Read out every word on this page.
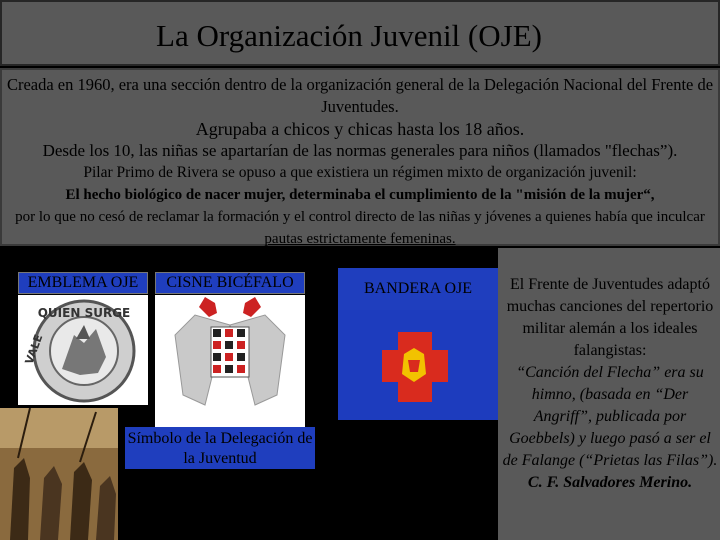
La Organización Juvenil (OJE)

Creada en 1960, era una sección dentro de la organización general de la Delegación Nacional del Frente de Juventudes.

Agrupaba a chicos y chicas hasta los 18 años.

Desde los 10, las niñas se apartarían de las normas generales para niños (llamados "flechas”).

Pilar Primo de Rivera se opuso a que existiera un régimen mixto de organización juvenil:

El hecho biológico de nacer mujer, determinaba el cumplimiento de la "misión de la mujer“,

por lo que no cesó de reclamar la formación y el control directo de las niñas y jóvenes a quienes había que inculcar pautas estrictamente femeninas.

QUIEN SURGE
VALE
EMBLEMA OJE	CISNE BICÉFALO	BANDERA OJE
Símbolo de la Delegación de la Juventud

El Frente de Juventudes adaptó muchas canciones del repertorio militar alemán a los ideales falangistas:

“Canción del Flecha” era su himno, (basada en “Der Angriff”, publicada por Goebbels) y luego pasó a ser el de Falange (“Prietas las Filas”).

C. F. Salvadores Merino.
